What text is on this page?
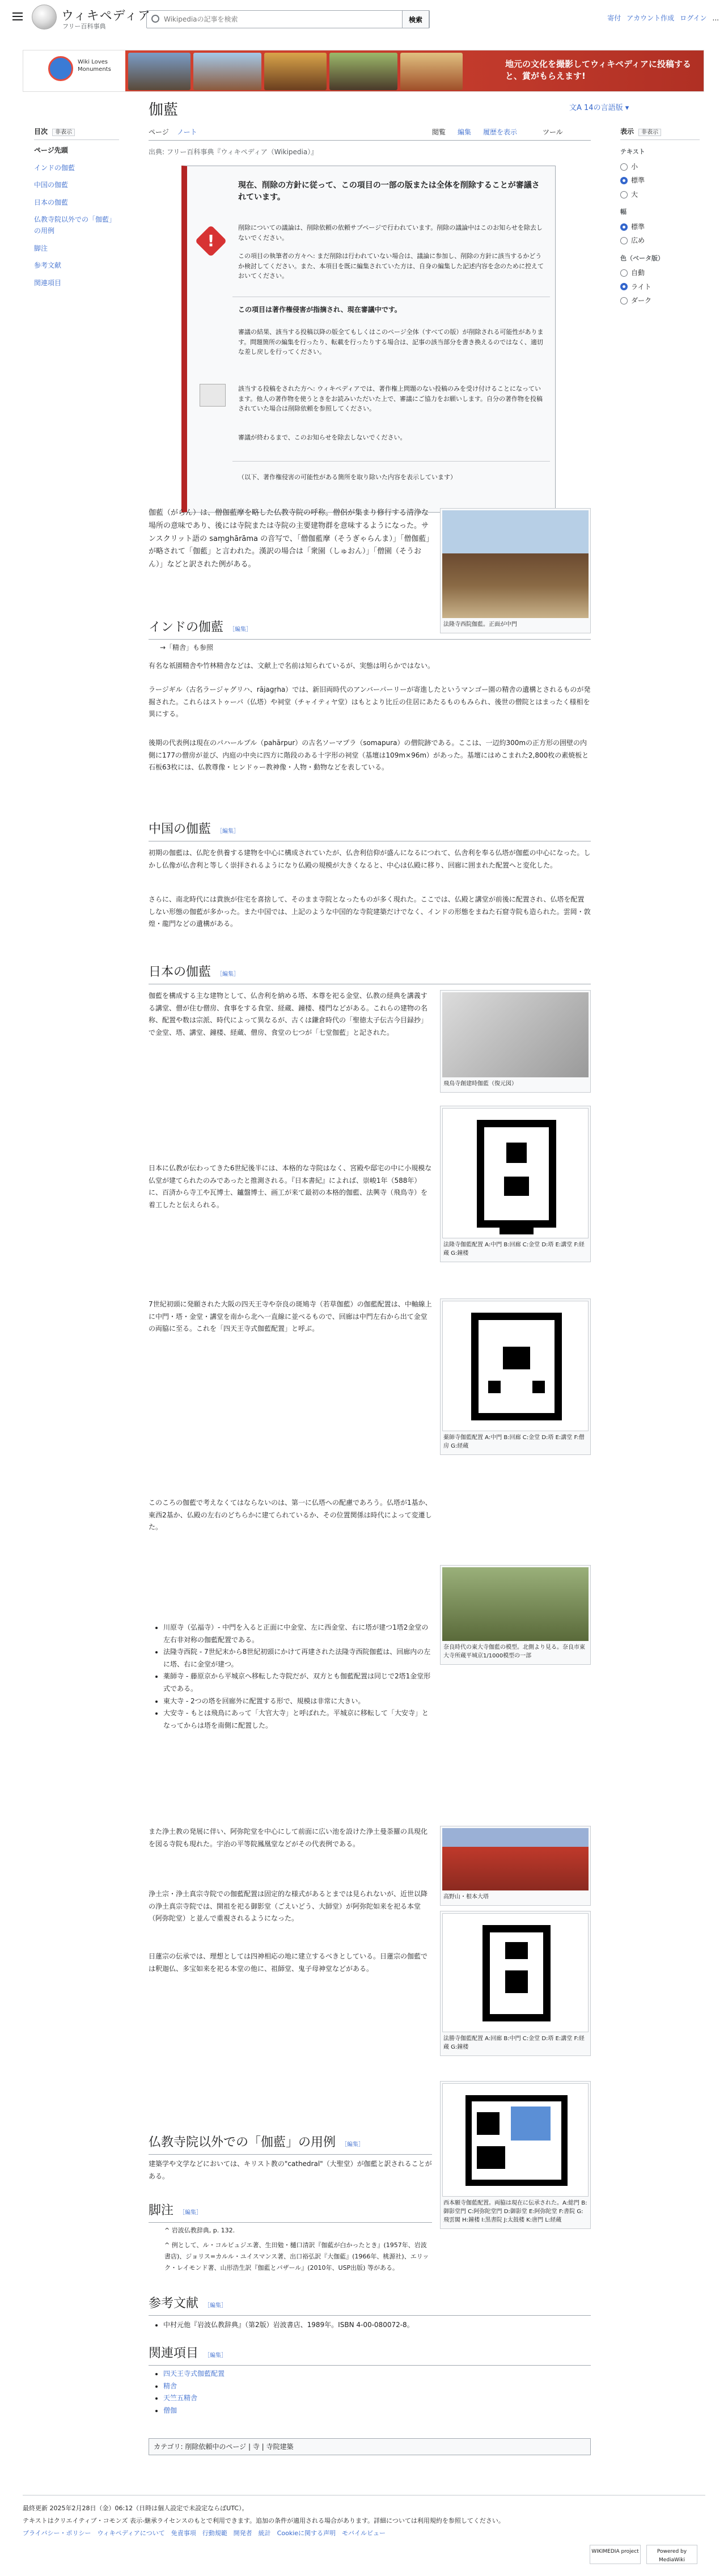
ウィキペディア
フリー百科事典
Wikipediaの記事を検索
検索	寄付 アカウント作成 ログイン ...
Wiki Loves Monuments
地元の文化を撮影してウィキペディアに投稿すると、賞がもらえます!
目次 非表示
ページ先頭
インドの伽藍
中国の伽藍
日本の伽藍
仏教寺院以外での「伽藍」の用例
脚注
参考文献
関連項目
伽藍	文A 14の言語版 ▾
ページ ノート	閲覧 編集 履歴を表示	ツール
出典: フリー百科事典『ウィキペディア（Wikipedia）』
表示 非表示
テキスト
小
標準
大
幅
標準
広め
色（ベータ版）
自動
ライト
ダーク
!
現在、削除の方針に従って、この項目の一部の版または全体を削除することが審議されています。
削除についての議論は、削除依頼の依頼サブページで行われています。削除の議論中はこのお知らせを除去しないでください。
この項目の執筆者の方々へ: まだ削除は行われていない場合は、議論に参加し、削除の方針に該当するかどうか検討してください。また、本項目を既に編集されていた方は、自身の編集した記述内容を念のために控えておいてください。
この項目は著作権侵害が指摘され、現在審議中です。
審議の結果、該当する投稿以降の版全てもしくはこのページ全体（すべての版）が削除される可能性があります。問題箇所の編集を行ったり、転載を行ったりする場合は、記事の該当部分を書き換えるのではなく、適切な差し戻しを行ってください。
該当する投稿をされた方へ: ウィキペディアでは、著作権上問題のない投稿のみを受け付けることになっています。他人の著作物を使うときをお読みいただいた上で、審議にご協力をお願いします。自分の著作物を投稿されていた場合は削除依頼を参照してください。
審議が終わるまで、このお知らせを除去しないでください。
（以下、著作権侵害の可能性がある箇所を取り除いた内容を表示しています）
伽藍（がらん）は、僧伽藍摩を略した仏教寺院の呼称。僧侶が集まり修行する清浄な場所の意味であり、後には寺院または寺院の主要建物群を意味するようになった。サンスクリット語の saṃghārāma の音写で、「僧伽藍摩（そうぎゃらんま）」「僧伽藍」が略されて「伽藍」と言われた。漢訳の場合は「衆園（しゅおん）」「僧園（そうおん）」などと訳された例がある。
法隆寺西院伽藍。正面が中門
インドの伽藍 ［編集］
→「精舎」も参照
有名な祇園精舎や竹林精舎などは、文献上で名前は知られているが、実態は明らかではない。
ラージギル（古名ラージャグリハ、rājagṛha）では、新旧両時代のアンバーパーリーが寄進したというマンゴー園の精舎の遺構とされるものが発掘された。これらはストゥーパ（仏塔）や祠堂（チャイティヤ堂）はもとより比丘の住居にあたるものもみられ、後世の僧院とはまったく様相を異にする。
後期の代表例は現在のパハールプル（pahārpur）の古名ソーマプラ（somapura）の僧院跡である。ここは、一辺約300mの正方形の囲壁の内側に177の僧房が並び、内庭の中央に四方に階段のある十字形の祠堂（基壇は109m×96m）があった。基壇にはめこまれた2,800枚の素焼板と石板63枚には、仏教尊像・ヒンドゥー教神像・人物・動物などを表している。
中国の伽藍 ［編集］
初期の伽藍は、仏陀を供養する建物を中心に構成されていたが、仏舎利信仰が盛んになるにつれて、仏舎利を奉る仏塔が伽藍の中心になった。しかし仏像が仏舎利と等しく崇拝されるようになり仏殿の規模が大きくなると、中心は仏殿に移り、回廊に囲まれた配置へと変化した。
さらに、南北時代には貴族が住宅を喜捨して、そのまま寺院となったものが多く現れた。ここでは、仏殿と講堂が前後に配置され、仏塔を配置しない形態の伽藍が多かった。また中国では、上記のような中国的な寺院建築だけでなく、インドの形態をまねた石窟寺院も造られた。雲岡・敦煌・龍門などの遺構がある。
日本の伽藍 ［編集］
伽藍を構成する主な建物として、仏舎利を納める塔、本尊を祀る金堂、仏教の経典を講義する講堂、僧が住む僧房、食事をする食堂、経蔵、鐘楼、楼門などがある。これらの建物の名称、配置や数は宗派、時代によって異なるが、古くは鎌倉時代の「聖徳太子伝古今目録抄」で金堂、塔、講堂、鐘楼、経蔵、僧房、食堂の七つが「七堂伽藍」と記された。
日本に仏教が伝わってきた6世紀後半には、本格的な寺院はなく、宮殿や邸宅の中に小規模な仏堂が建てられたのみであったと推測される。『日本書紀』によれば、崇峻1年（588年）に、百済から寺工や瓦博士、鑪盤博士、画工が来て最初の本格的伽藍、法興寺（飛鳥寺）を着工したと伝えられる。
7世紀初頭に発願された大阪の四天王寺や奈良の斑鳩寺（若草伽藍）の伽藍配置は、中軸線上に中門・塔・金堂・講堂を南から北へ一直線に並べるもので、回廊は中門左右から出て金堂の両脇に至る。これを「四天王寺式伽藍配置」と呼ぶ。
このころの伽藍で考えなくてはならないのは、第一に仏塔への配慮であろう。仏塔が1基か、東西2基か、仏殿の左右のどちらかに建てられているか、その位置関係は時代によって変遷した。
飛鳥寺創建時伽藍（復元図）
法隆寺伽藍配置 A:中門 B:回廊 C:金堂 D:塔 E:講堂 F:経蔵 G:鐘楼
薬師寺伽藍配置 A:中門 B:回廊 C:金堂 D:塔 E:講堂 F:僧房 G:経蔵
川原寺（弘福寺）- 中門を入ると正面に中金堂、左に西金堂、右に塔が建つ1塔2金堂の左右非対称の伽藍配置である。
法隆寺西院 - 7世紀末から8世紀初頭にかけて再建された法隆寺西院伽藍は、回廊内の左に塔、右に金堂が建つ。
薬師寺 - 藤原京から平城京へ移転した寺院だが、双方とも伽藍配置は同じで2塔1金堂形式である。
東大寺 - 2つの塔を回廊外に配置する形で、規模は非常に大きい。
大安寺 - もとは飛鳥にあって「大官大寺」と呼ばれた。平城京に移転して「大安寺」となってからは塔を南側に配置した。
奈良時代の東大寺伽藍の模型。北側より見る。奈良市東大寺所蔵平城京1/1000模型の一部
また浄土教の発展に伴い、阿弥陀堂を中心にして前面に広い池を設けた浄土曼荼羅の具現化を図る寺院も現れた。宇治の平等院鳳凰堂などがその代表例である。
浄土宗・浄土真宗寺院での伽藍配置は固定的な様式があるとまでは見られないが、近世以降の浄土真宗寺院では、開祖を祀る御影堂（ごえいどう、大師堂）が阿弥陀如来を祀る本堂（阿弥陀堂）と並んで重視されるようになった。
日蓮宗の伝承では、理想としては四神相応の地に建立するべきとしている。日蓮宗の伽藍では釈迦仏、多宝如来を祀る本堂の他に、祖師堂、鬼子母神堂などがある。
高野山・根本大塔
法勝寺伽藍配置 A:回廊 B:中門 C:金堂 D:塔 E:講堂 F:経蔵 G:鐘楼
仏教寺院以外での「伽藍」の用例 ［編集］
建築学や文学などにおいては、キリスト教の"cathedral"（大聖堂）が伽藍と訳されることがある。
西本願寺伽藍配置。両脇は現在に伝承された。A:総門 B:御影堂門 C:阿弥陀堂門 D:御影堂 E:阿弥陀堂 F:書院 G:飛雲閣 H:鐘楼 I:黒書院 J:太鼓楼 K:唐門 L:経蔵
脚注 ［編集］
^ 岩波仏教辞典, p. 132.
^ 例として、ル・コルビュジエ著、生田勉・樋口清訳『伽藍が白かったとき』(1957年、岩波書店)、ジョリス=カルル・ユイスマンス著、出口裕弘訳『大伽藍』(1966年、桃源社)、エリック・レイモンド著、山形浩生訳『伽藍とバザール』(2010年、USP出版) 等がある。
参考文献 ［編集］
中村元他『岩波仏教辞典』（第2版）岩波書店、1989年。ISBN 4-00-080072-8。
関連項目 ［編集］
四天王寺式伽藍配置
精舎
天竺五精舎
僧伽
カテゴリ: 削除依頼中のページ | 寺 | 寺院建築
最終更新 2025年2月28日（金）06:12（日時は個人設定で未設定ならばUTC）。
テキストはクリエイティブ・コモンズ 表示-継承ライセンスのもとで利用できます。追加の条件が適用される場合があります。詳細については利用規約を参照してください。
プライバシー・ポリシー　ウィキペディアについて　免責事項　行動規範　開発者　統計　Cookieに関する声明　モバイルビュー
WIKIMEDIA project	Powered by MediaWiki
